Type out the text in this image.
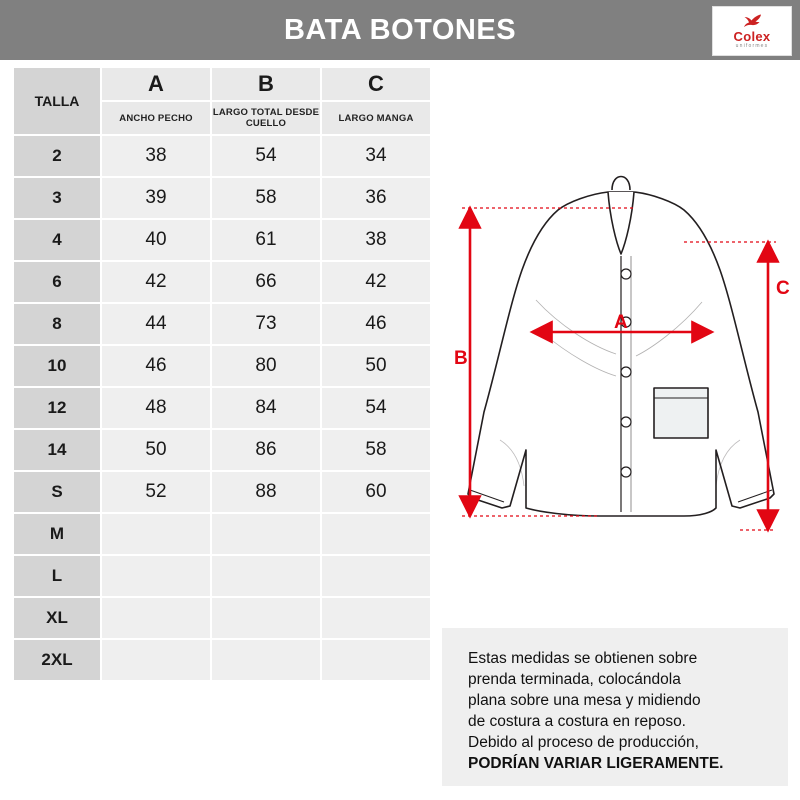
BATA BOTONES	Colex
uniformes
TALLA	A	B	C
	ANCHO PECHO	LARGO TOTAL DESDE CUELLO	LARGO MANGA
2	38	54	34
3	39	58	36
4	40	61	38
6	42	66	42
8	44	73	46
10	46	80	50
12	48	84	54
14	50	86	58
S	52	88	60
M			
L			
XL			
2XL			
B
C
A

Estas medidas se obtienen sobre

prenda terminada, colocándola

plana sobre una mesa y midiendo

de costura a costura en reposo.

Debido al proceso de producción,

PODRÍAN VARIAR LIGERAMENTE.
